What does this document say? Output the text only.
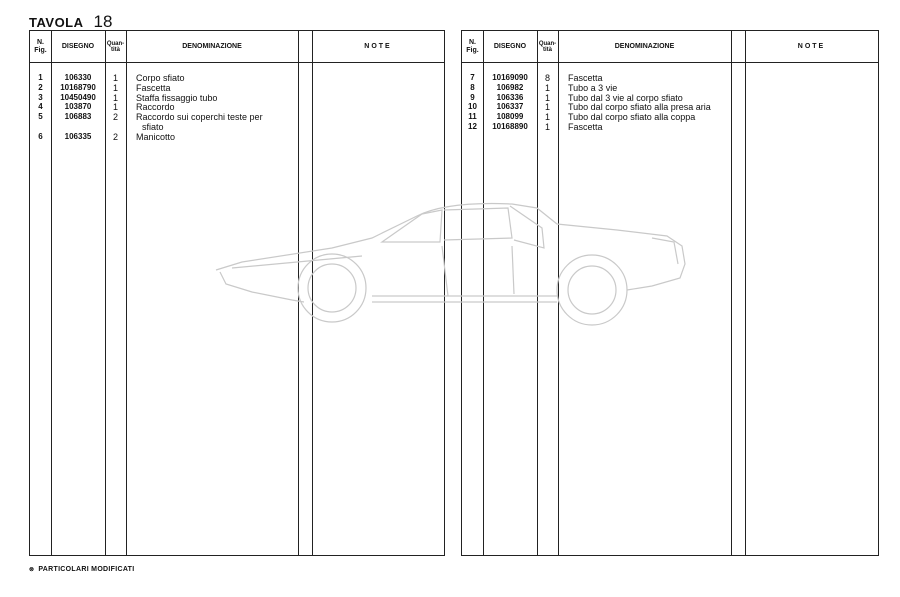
TAVOLA 18
N. Fig.
DISEGNO	Quan-tità	DENOMINAZIONE	NOTE
1	106330	1	Corpo sfiato
2	10168790	1	Fascetta
3	10450490	1	Staffa fissaggio tubo
4	103870	1	Raccordo
5	106883	2	Raccordo sui coperchi teste per
sfiato
6	106335	2	Manicotto
N. Fig.
DISEGNO	Quan-tità	DENOMINAZIONE	NOTE
7	10169090	8	Fascetta
8	106982	1	Tubo a 3 vie
9	106336	1	Tubo dal 3 vie al corpo sfiato
10	106337	1	Tubo dal corpo sfiato alla presa aria
11	108099	1	Tubo dal corpo sfiato alla coppa
12	10168890	1	Fascetta
⊗ PARTICOLARI MODIFICATI
